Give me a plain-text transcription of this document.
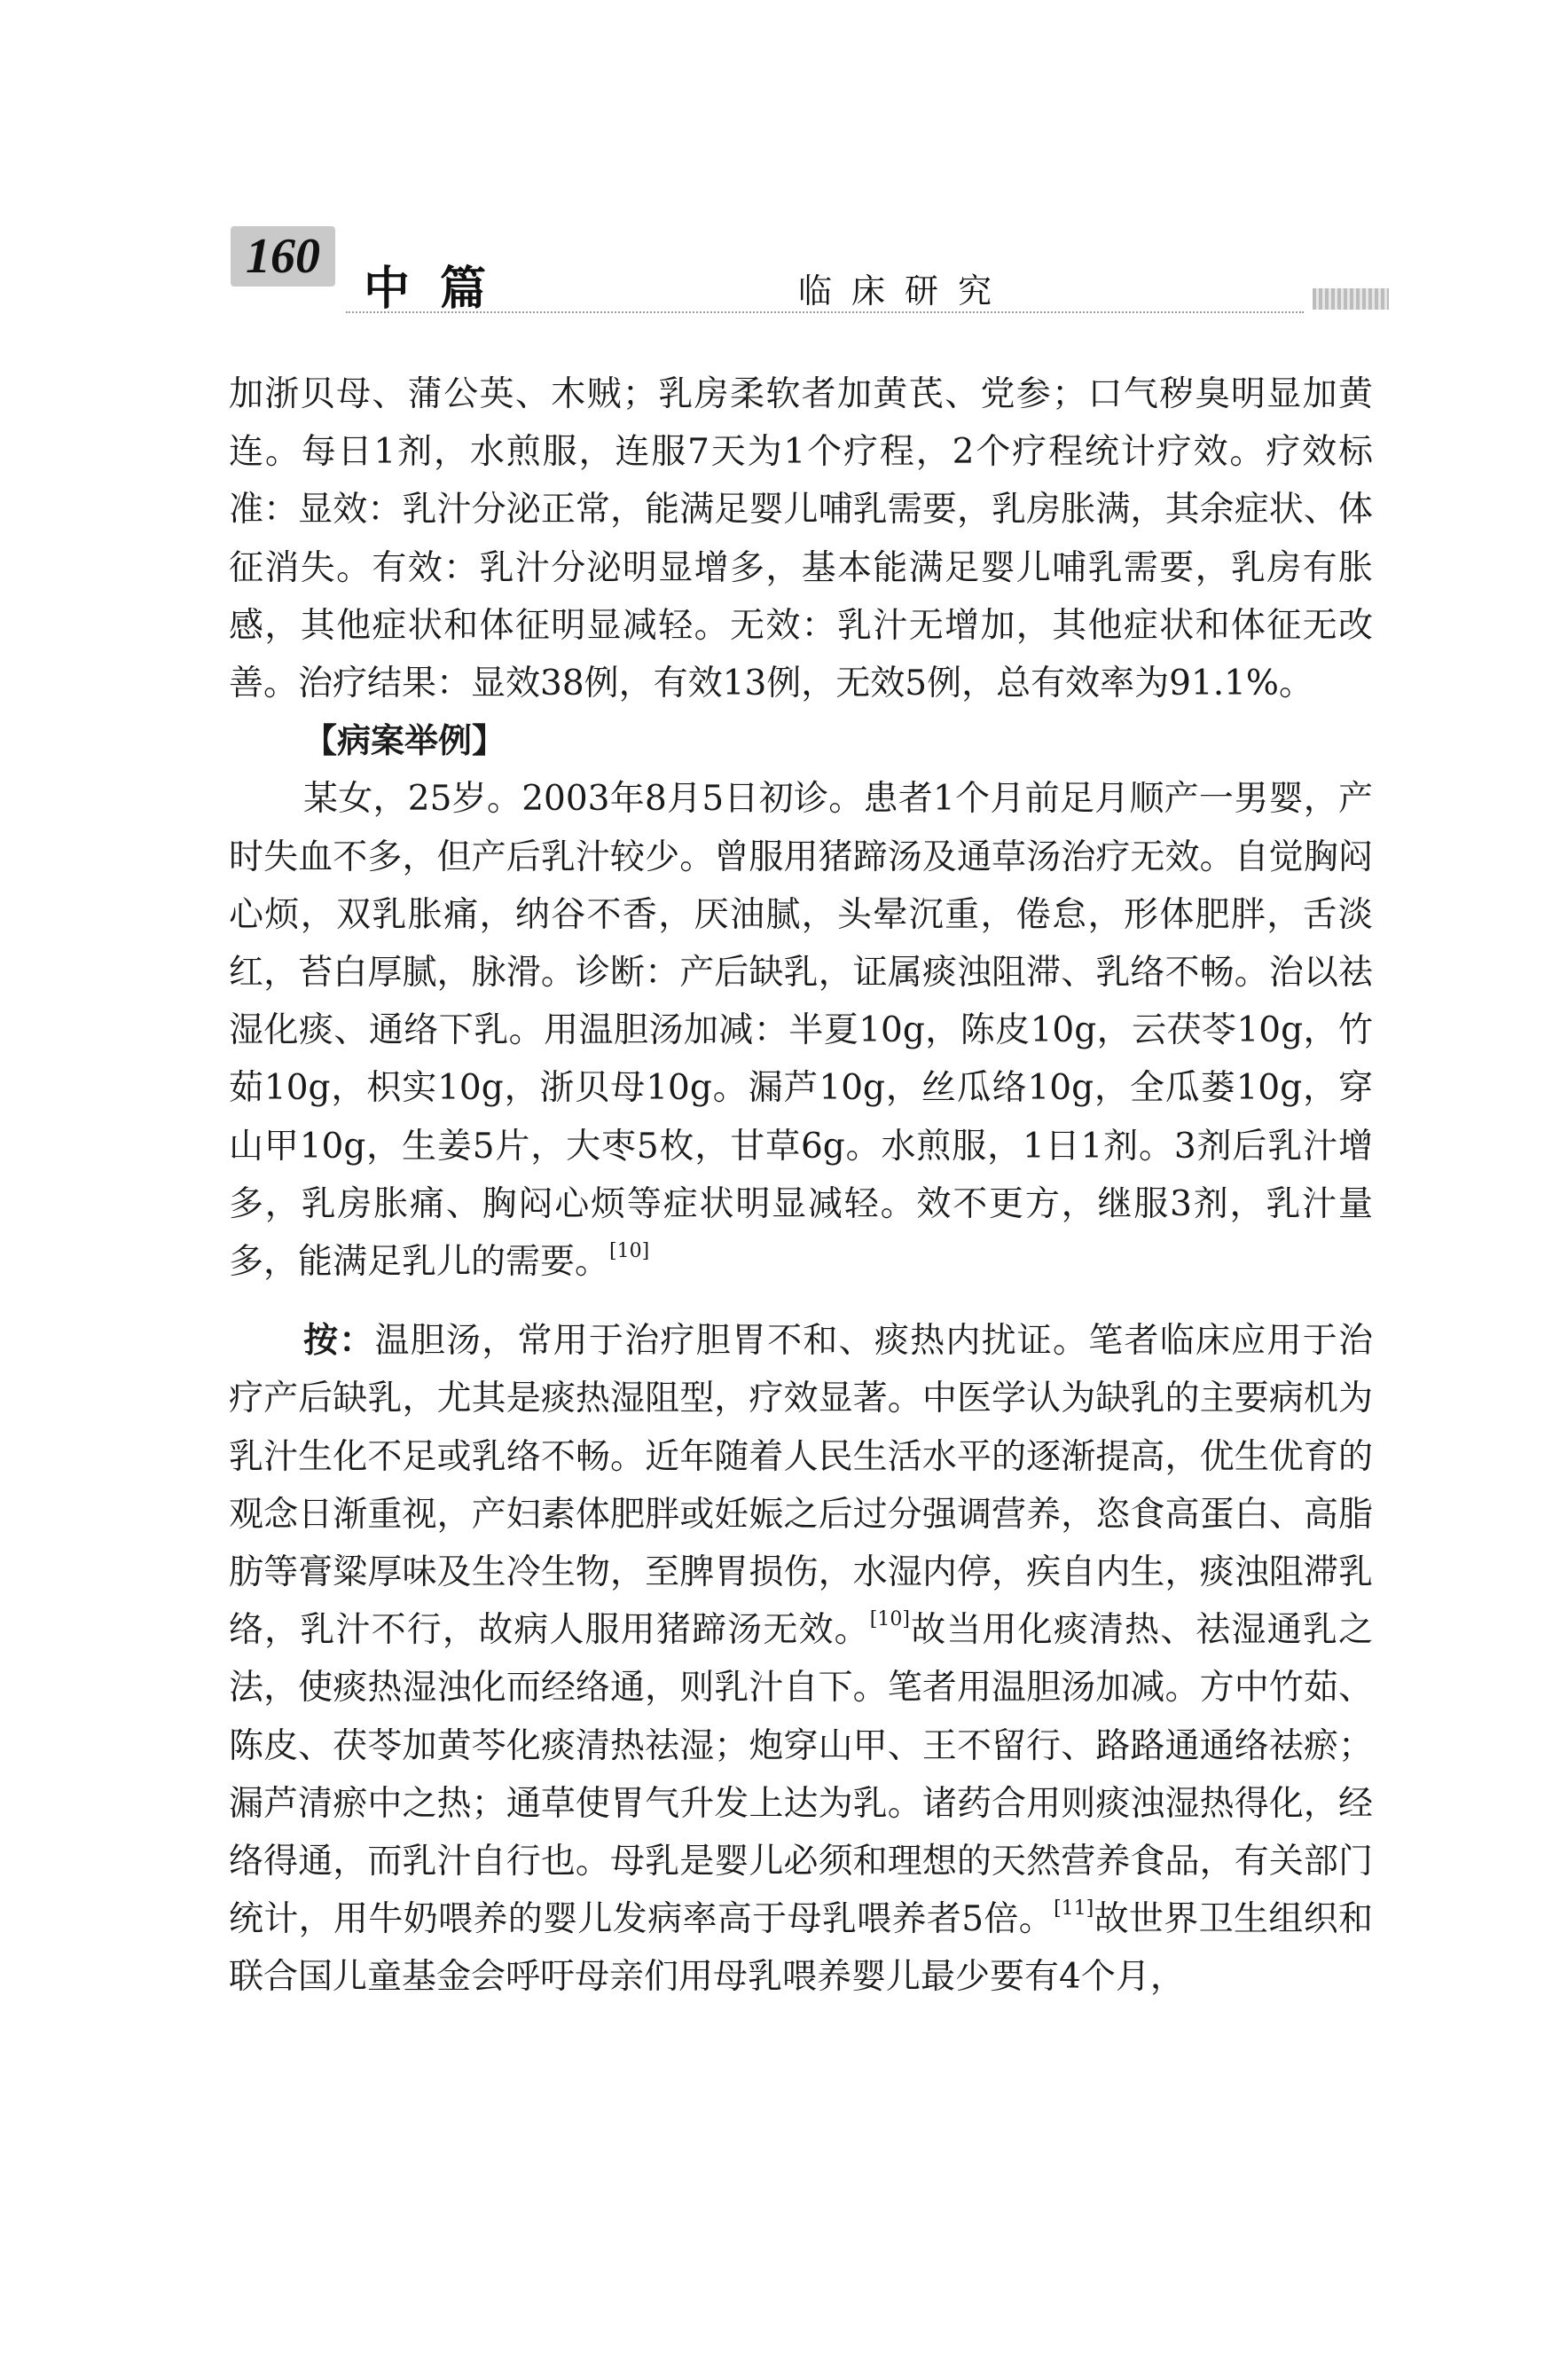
160
中篇	临床研究

加浙贝母、蒲公英、木贼；乳房柔软者加黄芪、党参；口气秽臭明显加黄连。每日1剂，水煎服，连服7天为1个疗程，2个疗程统计疗效。疗效标准：显效：乳汁分泌正常，能满足婴儿哺乳需要，乳房胀满，其余症状、体征消失。有效：乳汁分泌明显增多，基本能满足婴儿哺乳需要，乳房有胀感，其他症状和体征明显减轻。无效：乳汁无增加，其他症状和体征无改善。治疗结果：显效38例，有效13例，无效5例，总有效率为91.1%。

【病案举例】

某女，25岁。2003年8月5日初诊。患者1个月前足月顺产一男婴，产时失血不多，但产后乳汁较少。曾服用猪蹄汤及通草汤治疗无效。自觉胸闷心烦，双乳胀痛，纳谷不香，厌油腻，头晕沉重，倦怠，形体肥胖，舌淡红，苔白厚腻，脉滑。诊断：产后缺乳，证属痰浊阻滞、乳络不畅。治以祛湿化痰、通络下乳。用温胆汤加减：半夏10g，陈皮10g，云茯苓10g，竹茹10g，枳实10g，浙贝母10g。漏芦10g，丝瓜络10g，全瓜蒌10g，穿山甲10g，生姜5片，大枣5枚，甘草6g。水煎服，1日1剂。3剂后乳汁增多，乳房胀痛、胸闷心烦等症状明显减轻。效不更方，继服3剂，乳汁量多，能满足乳儿的需要。[10]

按：温胆汤，常用于治疗胆胃不和、痰热内扰证。笔者临床应用于治疗产后缺乳，尤其是痰热湿阻型，疗效显著。中医学认为缺乳的主要病机为乳汁生化不足或乳络不畅。近年随着人民生活水平的逐渐提高，优生优育的观念日渐重视，产妇素体肥胖或妊娠之后过分强调营养，恣食高蛋白、高脂肪等膏粱厚味及生冷生物，至脾胃损伤，水湿内停，疾自内生，痰浊阻滞乳络，乳汁不行，故病人服用猪蹄汤无效。[10]故当用化痰清热、祛湿通乳之法，使痰热湿浊化而经络通，则乳汁自下。笔者用温胆汤加减。方中竹茹、陈皮、茯苓加黄芩化痰清热祛湿；炮穿山甲、王不留行、路路通通络祛瘀；漏芦清瘀中之热；通草使胃气升发上达为乳。诸药合用则痰浊湿热得化，经络得通，而乳汁自行也。母乳是婴儿必须和理想的天然营养食品，有关部门统计，用牛奶喂养的婴儿发病率高于母乳喂养者5倍。[11]故世界卫生组织和联合国儿童基金会呼吁母亲们用母乳喂养婴儿最少要有4个月，
